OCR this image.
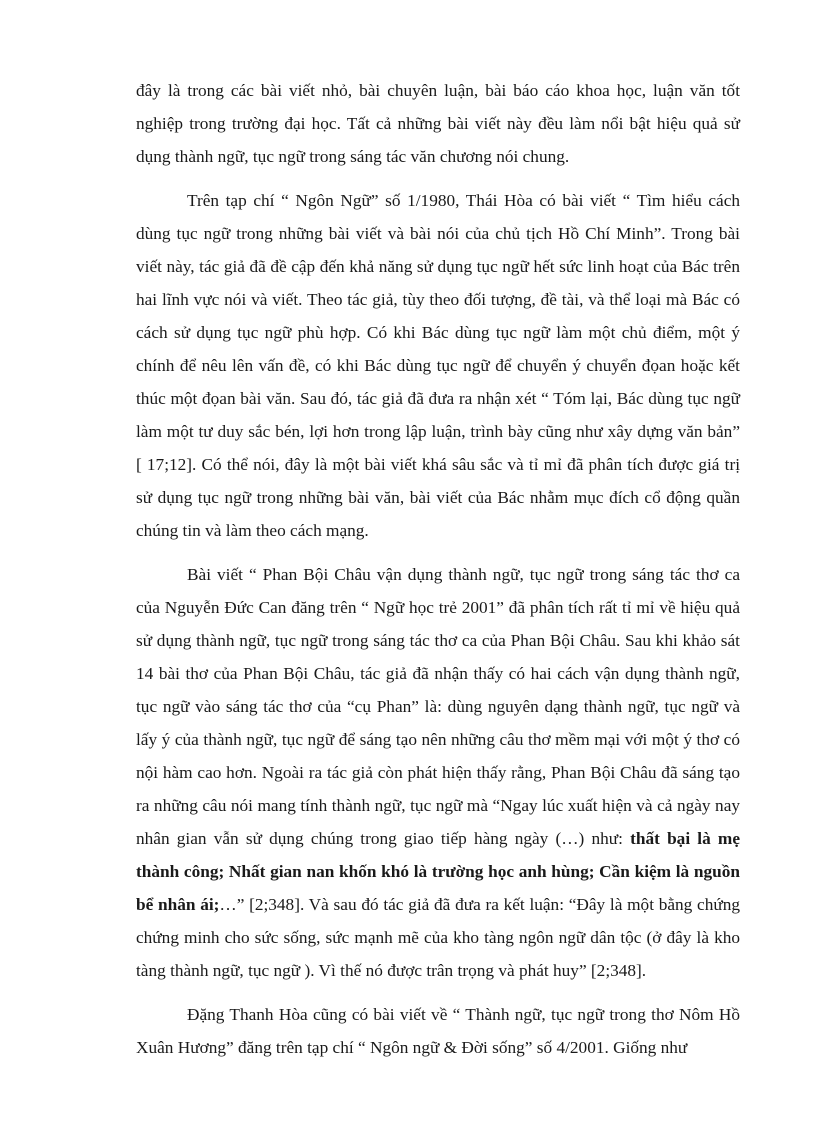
đây là trong các bài viết nhỏ, bài chuyên luận, bài báo cáo khoa học, luận văn tốt nghiệp trong trường đại học. Tất cả những bài viết này đều làm nổi bật hiệu quả sử dụng thành ngữ, tục ngữ trong sáng tác văn chương nói chung.

Trên tạp chí “ Ngôn Ngữ” số 1/1980, Thái Hòa có bài viết “ Tìm hiểu cách dùng tục ngữ trong những bài viết và bài nói của chủ tịch Hồ Chí Minh”. Trong bài viết này, tác giả đã đề cập đến khả năng sử dụng tục ngữ hết sức linh hoạt của Bác trên hai lĩnh vực nói và viết. Theo tác giả, tùy theo đối tượng, đề tài, và thể loại mà Bác có cách sử dụng tục ngữ phù hợp. Có khi Bác dùng tục ngữ làm một chủ điểm, một ý chính để nêu lên vấn đề, có khi Bác dùng tục ngữ để chuyển ý chuyển đọan hoặc kết thúc một đọan bài văn. Sau đó, tác giả đã đưa ra nhận xét “ Tóm lại, Bác dùng tục ngữ làm một tư duy sắc bén, lợi hơn trong lập luận, trình bày cũng như xây dựng văn bản” [ 17;12]. Có thể nói, đây là một bài viết khá sâu sắc và tỉ mỉ đã phân tích được giá trị sử dụng tục ngữ trong những bài văn, bài viết của Bác nhằm mục đích cổ động quần chúng tin và làm theo cách mạng.

Bài viết “ Phan Bội Châu vận dụng thành ngữ, tục ngữ trong sáng tác thơ ca của Nguyễn Đức Can đăng trên “ Ngữ học trẻ 2001” đã phân tích rất tỉ mỉ về hiệu quả sử dụng thành ngữ, tục ngữ trong sáng tác thơ ca của Phan Bội Châu. Sau khi khảo sát 14 bài thơ của Phan Bội Châu, tác giả đã nhận thấy có hai cách vận dụng thành ngữ, tục ngữ vào sáng tác thơ của “cụ Phan” là: dùng nguyên dạng thành ngữ, tục ngữ và lấy ý của thành ngữ, tục ngữ để sáng tạo nên những câu thơ mềm mại với một ý thơ có nội hàm cao hơn. Ngoài ra tác giả còn phát hiện thấy rằng, Phan Bội Châu đã sáng tạo ra những câu nói mang tính thành ngữ, tục ngữ mà “Ngay lúc xuất hiện và cả ngày nay nhân gian vẫn sử dụng chúng trong giao tiếp hàng ngày (…) như: thất bại là mẹ thành công; Nhất gian nan khốn khó là trường học anh hùng; Cần kiệm là nguồn bể nhân ái;…” [2;348]. Và sau đó tác giả đã đưa ra kết luận: “Đây là một bằng chứng chứng minh cho sức sống, sức mạnh mẽ của kho tàng ngôn ngữ dân tộc (ở đây là kho tàng thành ngữ, tục ngữ ). Vì thế nó được trân trọng và phát huy” [2;348].

Đặng Thanh Hòa cũng có bài viết về “ Thành ngữ, tục ngữ trong thơ Nôm Hồ Xuân Hương” đăng trên tạp chí “ Ngôn ngữ & Đời sống” số 4/2001. Giống như
